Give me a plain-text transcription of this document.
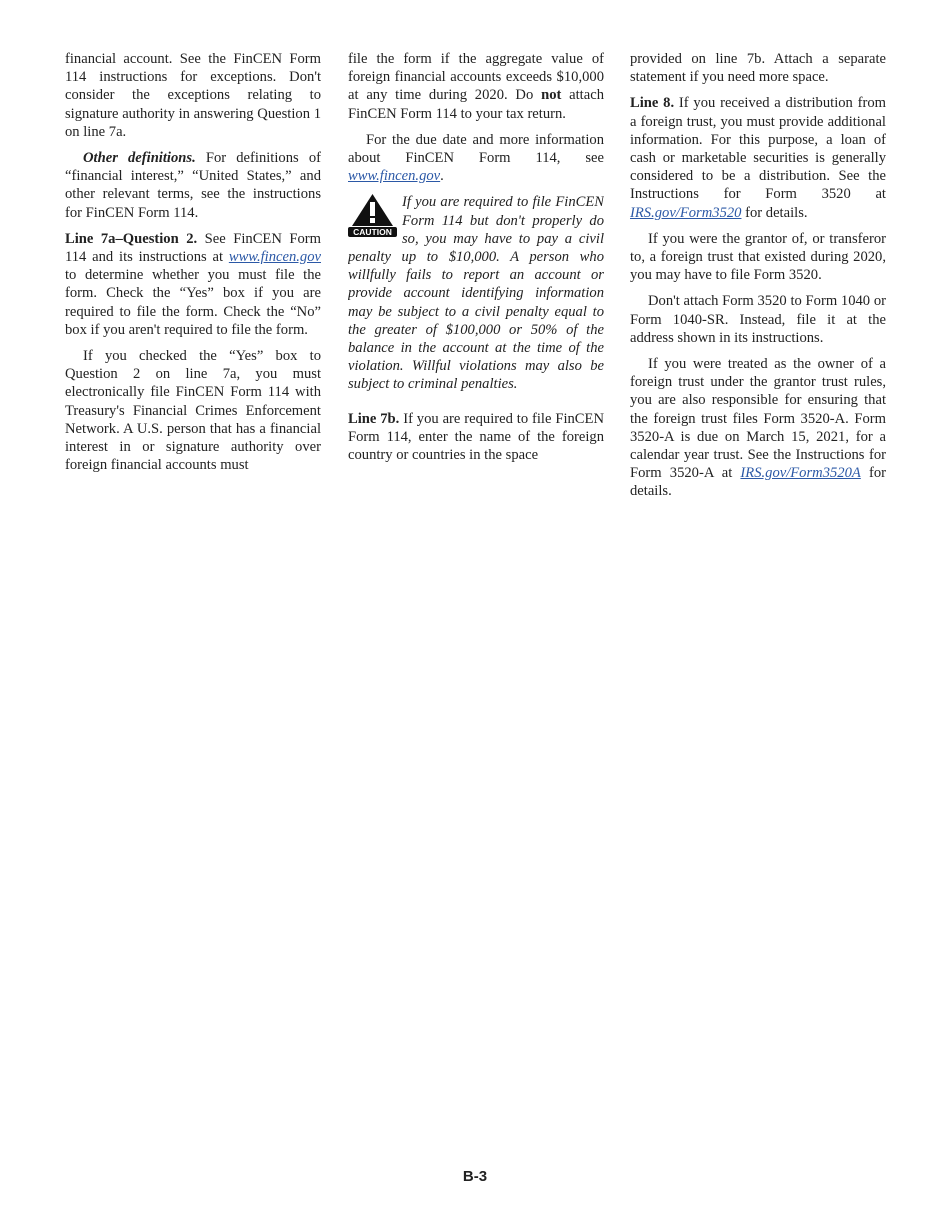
financial account. See the FinCEN Form 114 instructions for exceptions. Don't consider the exceptions relating to signature authority in answering Question 1 on line 7a.

Other definitions. For definitions of “financial interest,” “United States,” and other relevant terms, see the instructions for FinCEN Form 114.

Line 7a–Question 2. See FinCEN Form 114 and its instructions at www.fincen.gov to determine whether you must file the form. Check the “Yes” box if you are required to file the form. Check the “No” box if you aren't required to file the form.

If you checked the “Yes” box to Question 2 on line 7a, you must electronically file FinCEN Form 114 with Treasury's Financial Crimes Enforcement Network. A U.S. person that has a financial interest in or signature authority over foreign financial accounts must

file the form if the aggregate value of foreign financial accounts exceeds $10,000 at any time during 2020. Do not attach FinCEN Form 114 to your tax return.

For the due date and more information about FinCEN Form 114, see www.fincen.gov.

CAUTION
If you are required to file FinCEN Form 114 but don't properly do so, you may have to pay a civil penalty up to $10,000. A person who willfully fails to report an account or provide account identifying information may be subject to a civil penalty equal to the greater of $100,000 or 50% of the balance in the account at the time of the violation. Willful violations may also be subject to criminal penalties.

Line 7b. If you are required to file FinCEN Form 114, enter the name of the foreign country or countries in the space

provided on line 7b. Attach a separate statement if you need more space.

Line 8. If you received a distribution from a foreign trust, you must provide additional information. For this purpose, a loan of cash or marketable securities is generally considered to be a distribution. See the Instructions for Form 3520 at IRS.gov/Form3520 for details.

If you were the grantor of, or transferor to, a foreign trust that existed during 2020, you may have to file Form 3520.

Don't attach Form 3520 to Form 1040 or Form 1040-SR. Instead, file it at the address shown in its instructions.

If you were treated as the owner of a foreign trust under the grantor trust rules, you are also responsible for ensuring that the foreign trust files Form 3520-A. Form 3520-A is due on March 15, 2021, for a calendar year trust. See the Instructions for Form 3520-A at IRS.gov/Form3520A for details.

B-3
